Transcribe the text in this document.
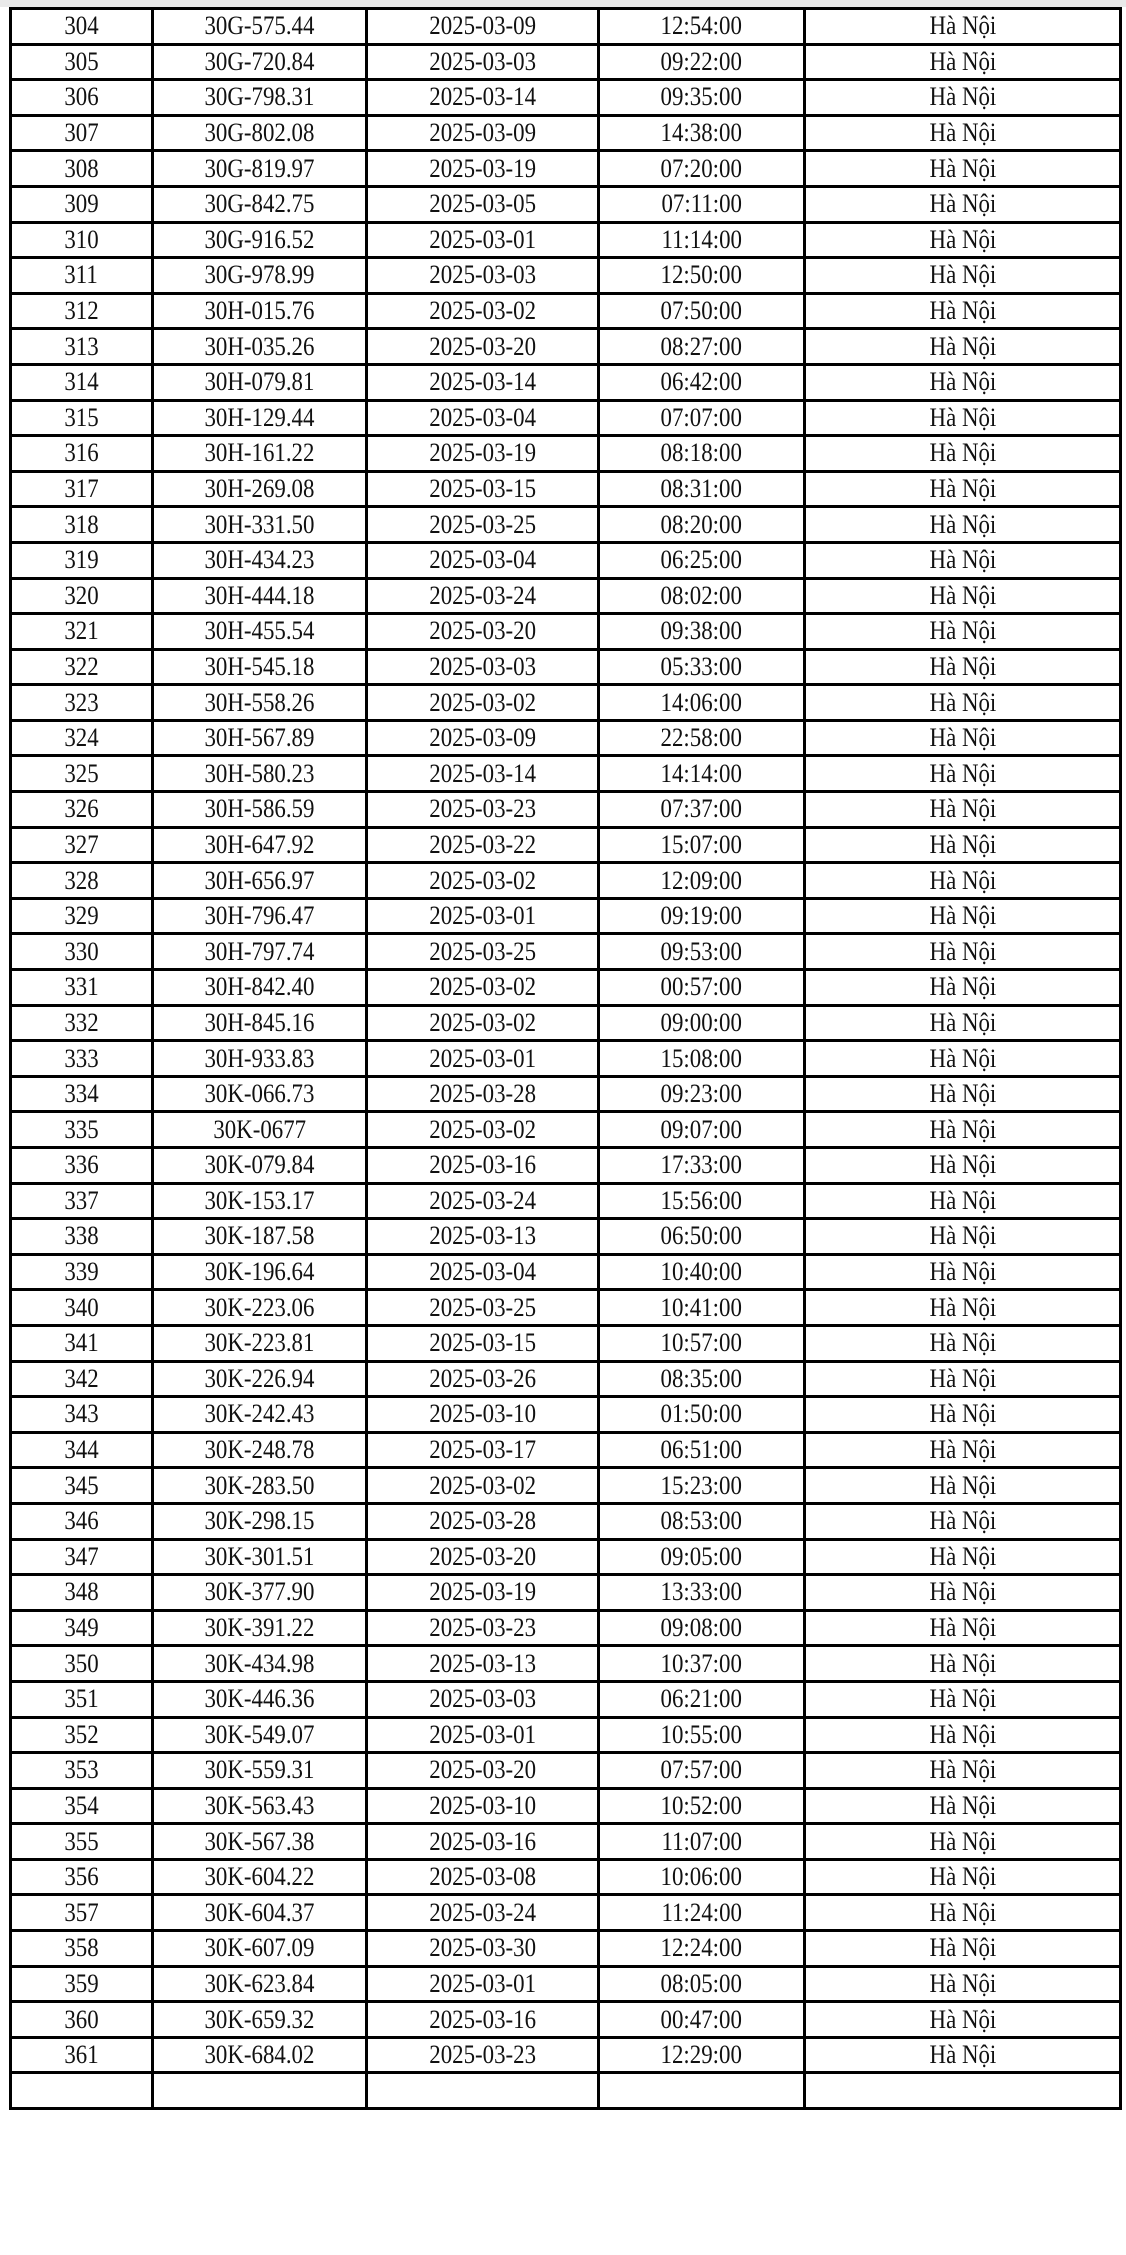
304	30G-575.44	2025-03-09	12:54:00	Hà Nội
305	30G-720.84	2025-03-03	09:22:00	Hà Nội
306	30G-798.31	2025-03-14	09:35:00	Hà Nội
307	30G-802.08	2025-03-09	14:38:00	Hà Nội
308	30G-819.97	2025-03-19	07:20:00	Hà Nội
309	30G-842.75	2025-03-05	07:11:00	Hà Nội
310	30G-916.52	2025-03-01	11:14:00	Hà Nội
311	30G-978.99	2025-03-03	12:50:00	Hà Nội
312	30H-015.76	2025-03-02	07:50:00	Hà Nội
313	30H-035.26	2025-03-20	08:27:00	Hà Nội
314	30H-079.81	2025-03-14	06:42:00	Hà Nội
315	30H-129.44	2025-03-04	07:07:00	Hà Nội
316	30H-161.22	2025-03-19	08:18:00	Hà Nội
317	30H-269.08	2025-03-15	08:31:00	Hà Nội
318	30H-331.50	2025-03-25	08:20:00	Hà Nội
319	30H-434.23	2025-03-04	06:25:00	Hà Nội
320	30H-444.18	2025-03-24	08:02:00	Hà Nội
321	30H-455.54	2025-03-20	09:38:00	Hà Nội
322	30H-545.18	2025-03-03	05:33:00	Hà Nội
323	30H-558.26	2025-03-02	14:06:00	Hà Nội
324	30H-567.89	2025-03-09	22:58:00	Hà Nội
325	30H-580.23	2025-03-14	14:14:00	Hà Nội
326	30H-586.59	2025-03-23	07:37:00	Hà Nội
327	30H-647.92	2025-03-22	15:07:00	Hà Nội
328	30H-656.97	2025-03-02	12:09:00	Hà Nội
329	30H-796.47	2025-03-01	09:19:00	Hà Nội
330	30H-797.74	2025-03-25	09:53:00	Hà Nội
331	30H-842.40	2025-03-02	00:57:00	Hà Nội
332	30H-845.16	2025-03-02	09:00:00	Hà Nội
333	30H-933.83	2025-03-01	15:08:00	Hà Nội
334	30K-066.73	2025-03-28	09:23:00	Hà Nội
335	30K-0677	2025-03-02	09:07:00	Hà Nội
336	30K-079.84	2025-03-16	17:33:00	Hà Nội
337	30K-153.17	2025-03-24	15:56:00	Hà Nội
338	30K-187.58	2025-03-13	06:50:00	Hà Nội
339	30K-196.64	2025-03-04	10:40:00	Hà Nội
340	30K-223.06	2025-03-25	10:41:00	Hà Nội
341	30K-223.81	2025-03-15	10:57:00	Hà Nội
342	30K-226.94	2025-03-26	08:35:00	Hà Nội
343	30K-242.43	2025-03-10	01:50:00	Hà Nội
344	30K-248.78	2025-03-17	06:51:00	Hà Nội
345	30K-283.50	2025-03-02	15:23:00	Hà Nội
346	30K-298.15	2025-03-28	08:53:00	Hà Nội
347	30K-301.51	2025-03-20	09:05:00	Hà Nội
348	30K-377.90	2025-03-19	13:33:00	Hà Nội
349	30K-391.22	2025-03-23	09:08:00	Hà Nội
350	30K-434.98	2025-03-13	10:37:00	Hà Nội
351	30K-446.36	2025-03-03	06:21:00	Hà Nội
352	30K-549.07	2025-03-01	10:55:00	Hà Nội
353	30K-559.31	2025-03-20	07:57:00	Hà Nội
354	30K-563.43	2025-03-10	10:52:00	Hà Nội
355	30K-567.38	2025-03-16	11:07:00	Hà Nội
356	30K-604.22	2025-03-08	10:06:00	Hà Nội
357	30K-604.37	2025-03-24	11:24:00	Hà Nội
358	30K-607.09	2025-03-30	12:24:00	Hà Nội
359	30K-623.84	2025-03-01	08:05:00	Hà Nội
360	30K-659.32	2025-03-16	00:47:00	Hà Nội
361	30K-684.02	2025-03-23	12:29:00	Hà Nội
